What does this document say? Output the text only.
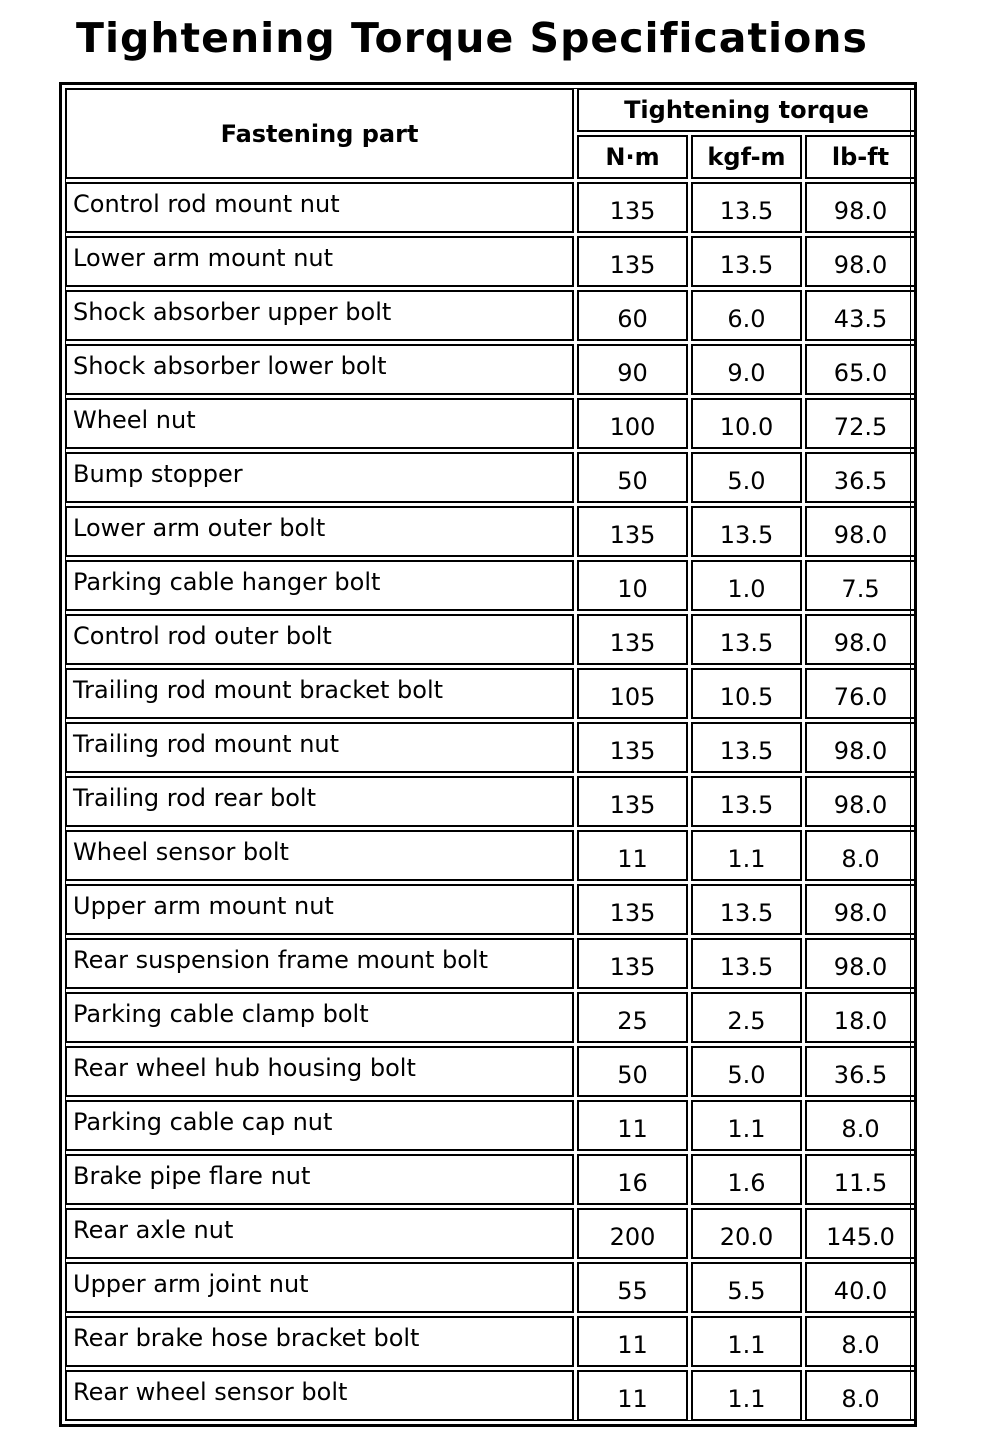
Tightening Torque Specifications
Fastening part	Tightening torque		
	N·m	kgf-m	lb-ft
Control rod mount nut	135	13.5	98.0
Lower arm mount nut	135	13.5	98.0
Shock absorber upper bolt	60	6.0	43.5
Shock absorber lower bolt	90	9.0	65.0
Wheel nut	100	10.0	72.5
Bump stopper	50	5.0	36.5
Lower arm outer bolt	135	13.5	98.0
Parking cable hanger bolt	10	1.0	7.5
Control rod outer bolt	135	13.5	98.0
Trailing rod mount bracket bolt	105	10.5	76.0
Trailing rod mount nut	135	13.5	98.0
Trailing rod rear bolt	135	13.5	98.0
Wheel sensor bolt	11	1.1	8.0
Upper arm mount nut	135	13.5	98.0
Rear suspension frame mount bolt	135	13.5	98.0
Parking cable clamp bolt	25	2.5	18.0
Rear wheel hub housing bolt	50	5.0	36.5
Parking cable cap nut	11	1.1	8.0
Brake pipe flare nut	16	1.6	11.5
Rear axle nut	200	20.0	145.0
Upper arm joint nut	55	5.5	40.0
Rear brake hose bracket bolt	11	1.1	8.0
Rear wheel sensor bolt	11	1.1	8.0
